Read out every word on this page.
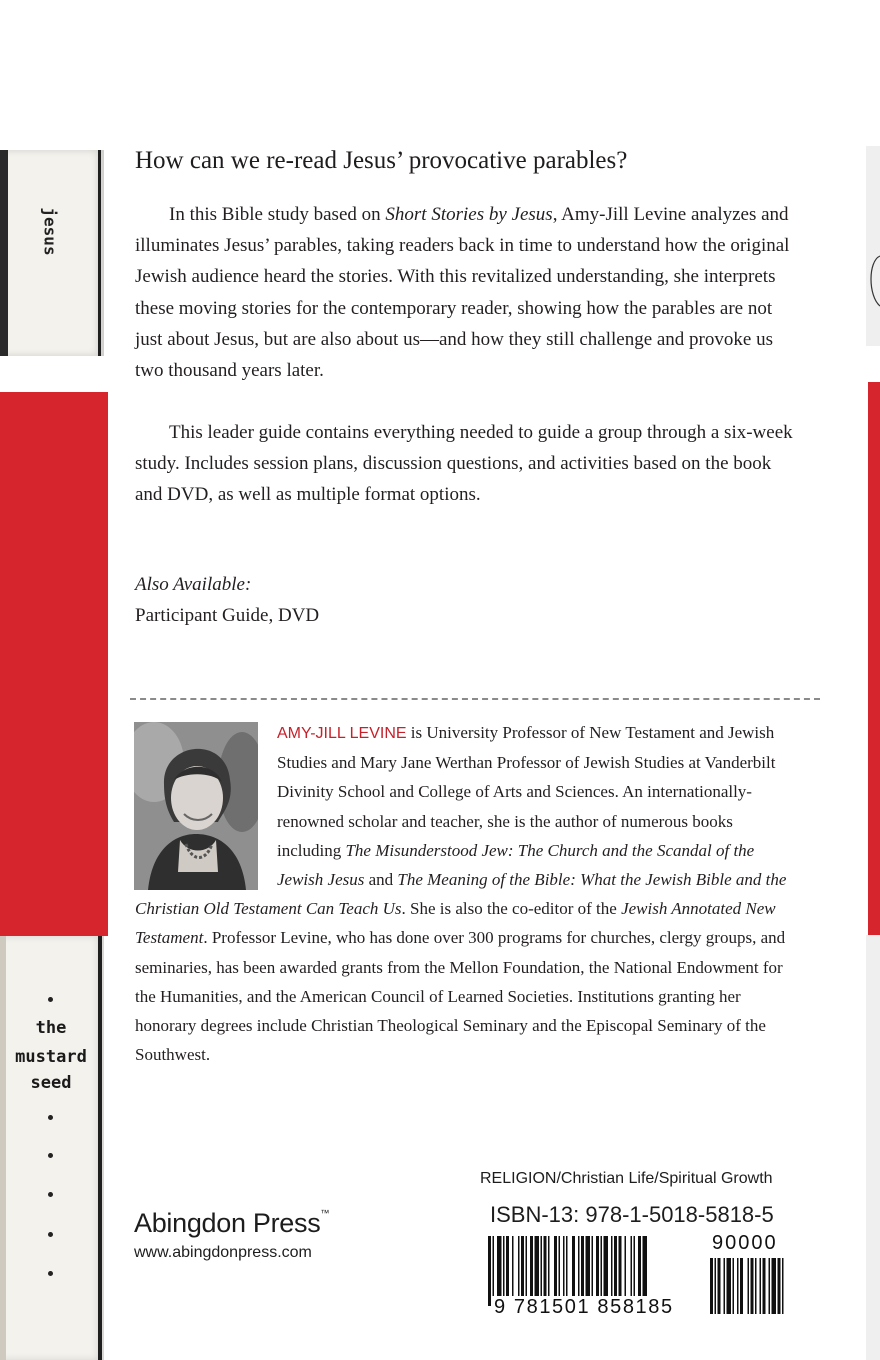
jesus
the
mustard
seed
How can we re-read Jesus’ provocative parables?

In this Bible study based on Short Stories by Jesus, Amy-Jill Levine analyzes and illuminates Jesus’ parables, taking readers back in time to understand how the original Jewish audience heard the stories. With this revitalized understanding, she interprets these moving stories for the contemporary reader, showing how the parables are not just about Jesus, but are also about us—and how they still challenge and provoke us two thousand years later.

This leader guide contains everything needed to guide a group through a six-week study. Includes session plans, discussion questions, and activities based on the book and DVD, as well as multiple format options.

Also Available:
Participant Guide, DVD

AMY-JILL LEVINE is University Professor of New Testament and Jewish Studies and Mary Jane Werthan Professor of Jewish Studies at Vanderbilt Divinity School and College of Arts and Sciences. An internationally-renowned scholar and teacher, she is the author of numerous books including The Misunderstood Jew: The Church and the Scandal of the Jewish Jesus and The Meaning of the Bible: What the Jewish Bible and the Christian Old Testament Can Teach Us. She is also the co-editor of the Jewish Annotated New Testament. Professor Levine, who has done over 300 programs for churches, clergy groups, and seminaries, has been awarded grants from the Mellon Foundation, the National Endowment for the Humanities, and the American Council of Learned Societies. Institutions granting her honorary degrees include Christian Theological Seminary and the Episcopal Seminary of the Southwest.

Abingdon Press™
www.abingdonpress.com
RELIGION/Christian Life/Spiritual Growth
ISBN-13: 978-1-5018-5818-5
9 781501 858185
90000
